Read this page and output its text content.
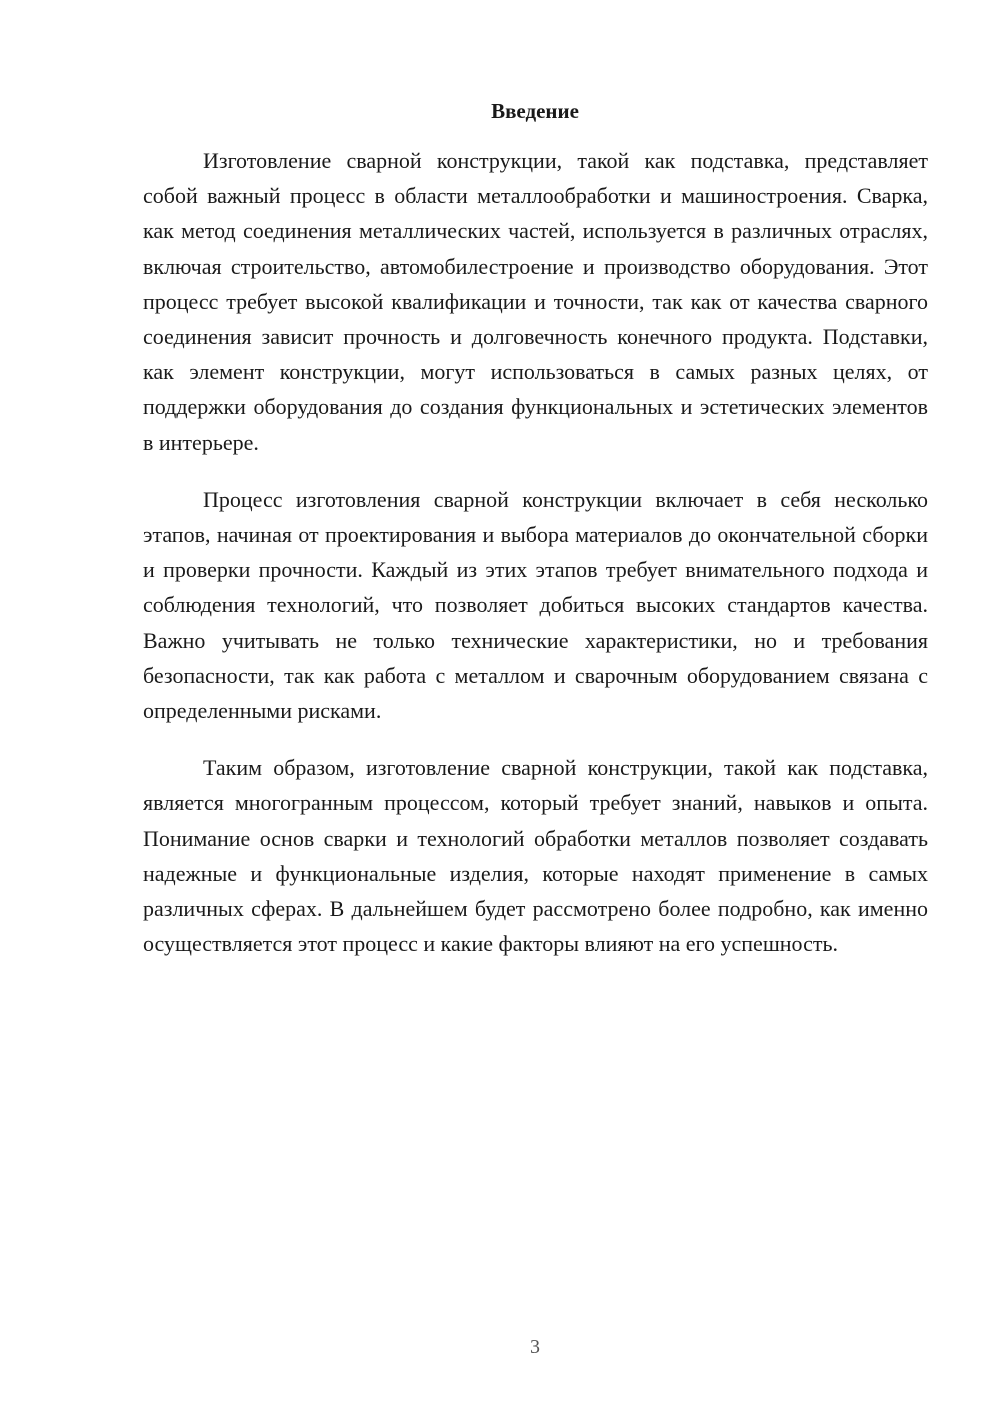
Введение

Изготовление сварной конструкции, такой как подставка, представляет собой важный процесс в области металлообработки и машиностроения. Сварка, как метод соединения металлических частей, используется в различных отраслях, включая строительство, автомобилестроение и производство оборудования. Этот процесс требует высокой квалификации и точности, так как от качества сварного соединения зависит прочность и долговечность конечного продукта. Подставки, как элемент конструкции, могут использоваться в самых разных целях, от поддержки оборудования до создания функциональных и эстетических элементов в интерьере.

Процесс изготовления сварной конструкции включает в себя несколько этапов, начиная от проектирования и выбора материалов до окончательной сборки и проверки прочности. Каждый из этих этапов требует внимательного подхода и соблюдения технологий, что позволяет добиться высоких стандартов качества. Важно учитывать не только технические характеристики, но и требования безопасности, так как работа с металлом и сварочным оборудованием связана с определенными рисками.

Таким образом, изготовление сварной конструкции, такой как подставка, является многогранным процессом, который требует знаний, навыков и опыта. Понимание основ сварки и технологий обработки металлов позволяет создавать надежные и функциональные изделия, которые находят применение в самых различных сферах. В дальнейшем будет рассмотрено более подробно, как именно осуществляется этот процесс и какие факторы влияют на его успешность.

3
